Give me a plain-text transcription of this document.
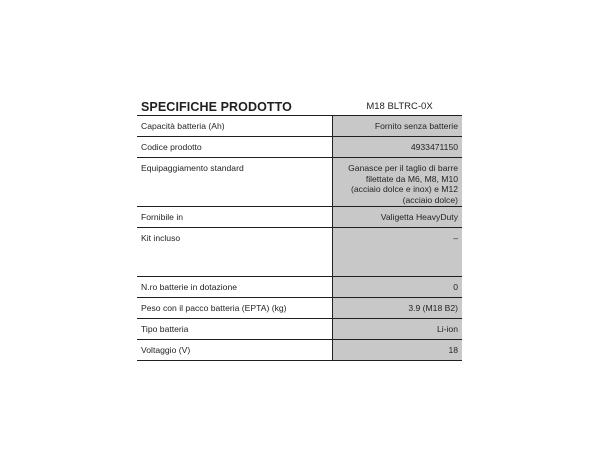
SPECIFICHE PRODOTTO	M18 BLTRC-0X
Capacità batteria (Ah)	Fornito senza batterie
Codice prodotto	4933471150
Equipaggiamento standard	Ganasce per il taglio di barre filettate da M6, M8, M10 (acciaio dolce e inox) e M12 (acciaio dolce)
Fornibile in	Valigetta HeavyDuty
Kit incluso	–
N.ro batterie in dotazione	0
Peso con il pacco batteria (EPTA) (kg)	3.9 (M18 B2)
Tipo batteria	Li-ion
Voltaggio (V)	18
